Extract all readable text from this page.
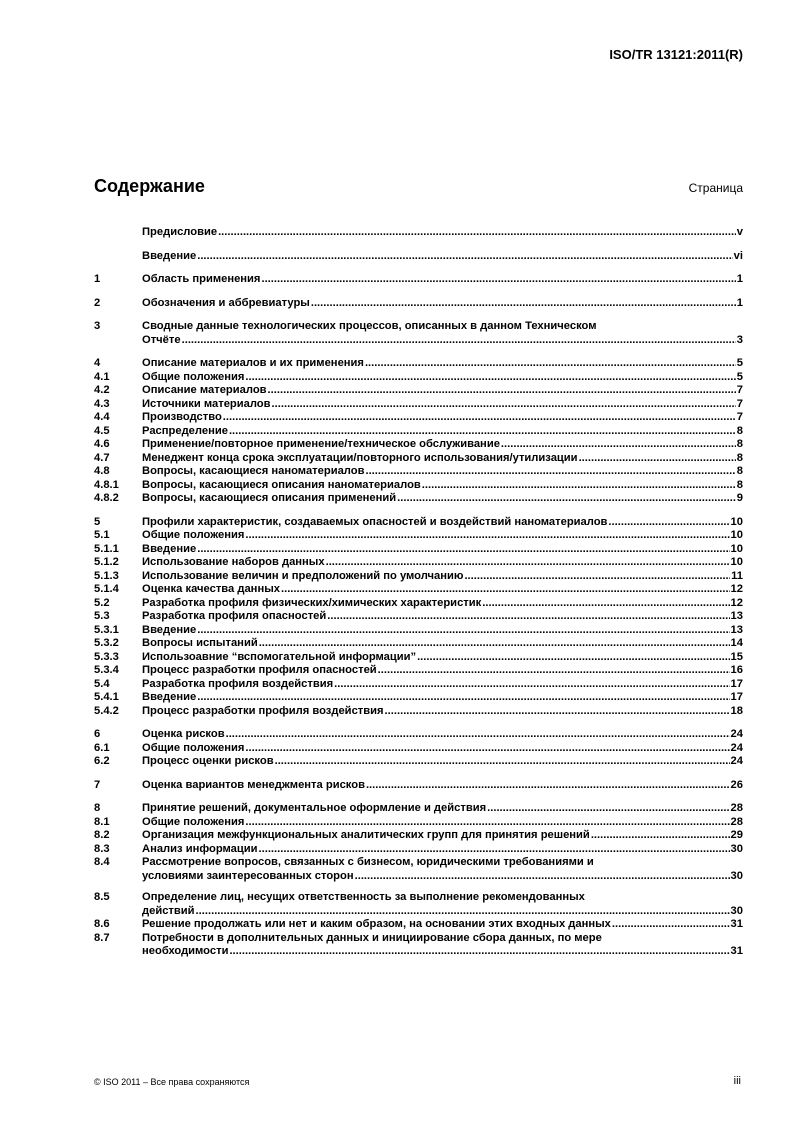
ISO/TR 13121:2011(R)
Содержание	Страница
Предисловие .....	v
Введение .....	vi
1	Область применения .....	1
2	Обозначения и аббревиатуры .....	1
3	Сводные данные технологических процессов, описанных в данном Техническом
Отчёте .....	3
4	Описание материалов и их применения .....	5
4.1	Общие положения .....	5
4.2	Описание материалов .....	7
4.3	Источники материалов .....	7
4.4	Производство .....	7
4.5	Распределение .....	8
4.6	Применение/повторное применение/техническое обслуживание .....	8
4.7	Менеджент конца срока эксплуатации/повторного использования/утилизации .....	8
4.8	Вопросы, касающиеся наноматериалов .....	8
4.8.1	Вопросы, касающиеся описания наноматериалов .....	8
4.8.2	Вопросы, касающиеся описания применений .....	9
5	Профили характеристик, создаваемых опасностей и воздействий наноматериалов .....	10
5.1	Общие положения .....	10
5.1.1	Введение .....	10
5.1.2	Использование наборов данных .....	10
5.1.3	Использование величин и предположений по умолчанию .....	11
5.1.4	Оценка качества данных .....	12
5.2	Разработка профиля физических/химических характеристик .....	12
5.3	Разработка профиля опасностей .....	13
5.3.1	Введение .....	13
5.3.2	Вопросы испытаний .....	14
5.3.3	Использоавние “вспомогательной информации” .....	15
5.3.4	Процесс разработки профиля опасностей .....	16
5.4	Разработка профиля воздействия .....	17
5.4.1	Введение .....	17
5.4.2	Процесс разработки профиля воздействия .....	18
6	Оценка рисков .....	24
6.1	Общие положения .....	24
6.2	Процесс оценки рисков .....	24
7	Оценка вариантов менеджмента рисков .....	26
8	Принятие решений, документальное оформление и действия .....	28
8.1	Общие положения .....	28
8.2	Организация межфункциональных аналитических групп для принятия решений .....	29
8.3	Анализ информации .....	30
8.4	Рассмотрение вопросов, связанных с бизнесом, юридическими требованиями и
условиями заинтересованных сторон .....	30
8.5	Определение лиц, несущих ответственность за выполнение рекомендованных
действий .....	30
8.6	Решение продолжать или нет и каким образом, на основании этих входных данных .....	31
8.7	Потребности в дополнительных данных и инициирование сбора данных, по мере
необходимости .....	31
© ISO 2011 – Все права сохраняются	iii
